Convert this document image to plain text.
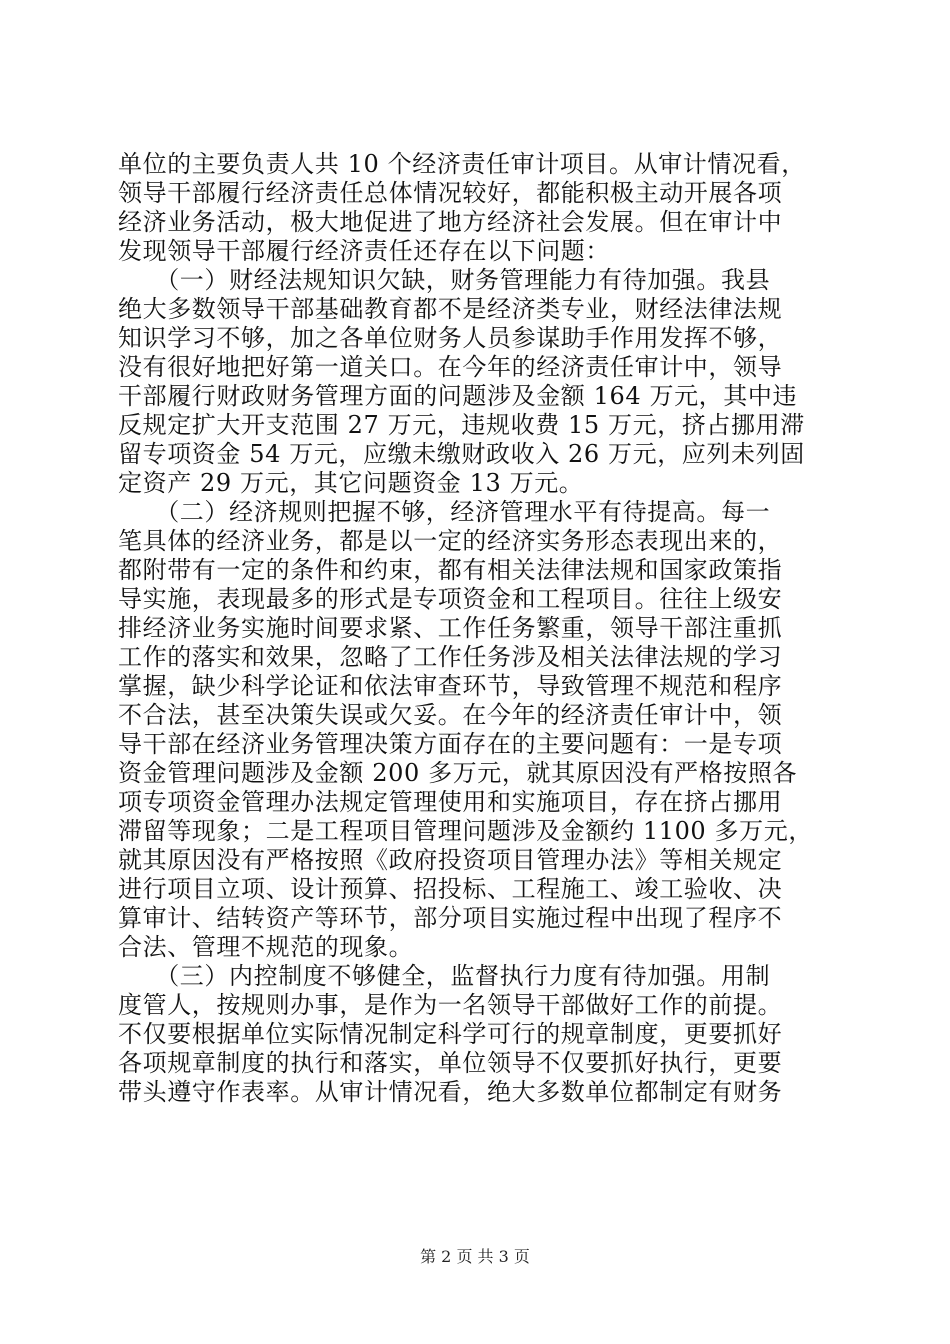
单位的主要负责人共 10 个经济责任审计项目。从审计情况看，
领导干部履行经济责任总体情况较好，都能积极主动开展各项
经济业务活动，极大地促进了地方经济社会发展。但在审计中
发现领导干部履行经济责任还存在以下问题：
　　（一）财经法规知识欠缺，财务管理能力有待加强。我县
绝大多数领导干部基础教育都不是经济类专业，财经法律法规
知识学习不够，加之各单位财务人员参谋助手作用发挥不够，
没有很好地把好第一道关口。在今年的经济责任审计中，领导
干部履行财政财务管理方面的问题涉及金额 164 万元，其中违
反规定扩大开支范围 27 万元，违规收费 15 万元，挤占挪用滞
留专项资金 54 万元，应缴未缴财政收入 26 万元，应列未列固
定资产 29 万元，其它问题资金 13 万元。
　　（二）经济规则把握不够，经济管理水平有待提高。每一
笔具体的经济业务，都是以一定的经济实务形态表现出来的，
都附带有一定的条件和约束，都有相关法律法规和国家政策指
导实施，表现最多的形式是专项资金和工程项目。往往上级安
排经济业务实施时间要求紧、工作任务繁重，领导干部注重抓
工作的落实和效果，忽略了工作任务涉及相关法律法规的学习
掌握，缺少科学论证和依法审查环节，导致管理不规范和程序
不合法，甚至决策失误或欠妥。在今年的经济责任审计中，领
导干部在经济业务管理决策方面存在的主要问题有：一是专项
资金管理问题涉及金额 200 多万元，就其原因没有严格按照各
项专项资金管理办法规定管理使用和实施项目，存在挤占挪用
滞留等现象；二是工程项目管理问题涉及金额约 1100 多万元，
就其原因没有严格按照《政府投资项目管理办法》等相关规定
进行项目立项、设计预算、招投标、工程施工、竣工验收、决
算审计、结转资产等环节，部分项目实施过程中出现了程序不
合法、管理不规范的现象。
　　（三）内控制度不够健全，监督执行力度有待加强。用制
度管人，按规则办事，是作为一名领导干部做好工作的前提。
不仅要根据单位实际情况制定科学可行的规章制度，更要抓好
各项规章制度的执行和落实，单位领导不仅要抓好执行，更要
带头遵守作表率。从审计情况看，绝大多数单位都制定有财务
第 2 页 共 3 页
